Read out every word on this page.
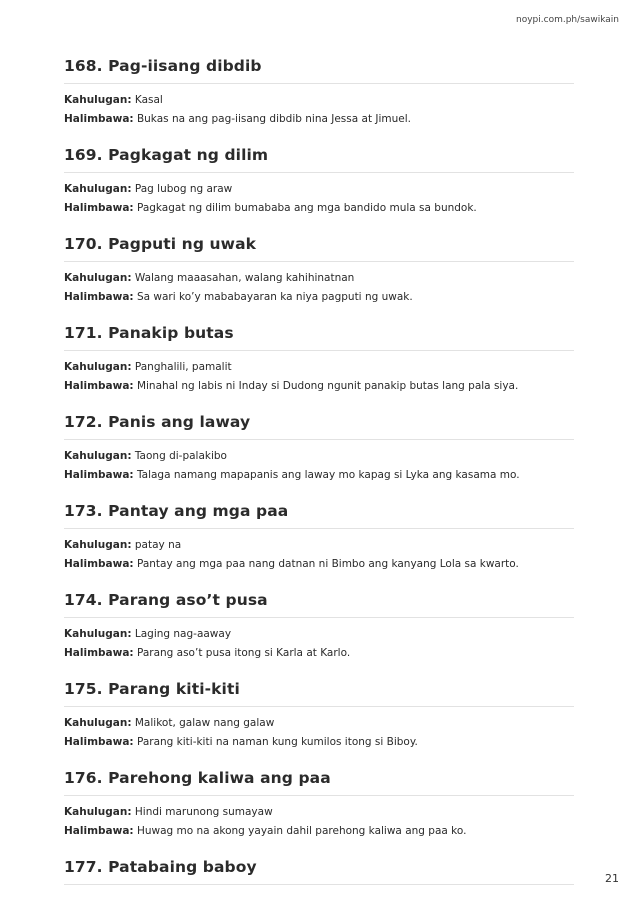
noypi.com.ph/sawikain
168. Pag-iisang dibdib
Kahulugan: Kasal
Halimbawa: Bukas na ang pag-iisang dibdib nina Jessa at Jimuel.
169. Pagkagat ng dilim
Kahulugan: Pag lubog ng araw
Halimbawa: Pagkagat ng dilim bumababa ang mga bandido mula sa bundok.
170. Pagputi ng uwak
Kahulugan: Walang maaasahan, walang kahihinatnan
Halimbawa: Sa wari ko’y mababayaran ka niya pagputi ng uwak.
171. Panakip butas
Kahulugan: Panghalili, pamalit
Halimbawa: Minahal ng labis ni Inday si Dudong ngunit panakip butas lang pala siya.
172. Panis ang laway
Kahulugan: Taong di-palakibo
Halimbawa: Talaga namang mapapanis ang laway mo kapag si Lyka ang kasama mo.
173. Pantay ang mga paa
Kahulugan: patay na
Halimbawa: Pantay ang mga paa nang datnan ni Bimbo ang kanyang Lola sa kwarto.
174. Parang aso’t pusa
Kahulugan: Laging nag-aaway
Halimbawa: Parang aso’t pusa itong si Karla at Karlo.
175. Parang kiti-kiti
Kahulugan: Malikot, galaw nang galaw
Halimbawa: Parang kiti-kiti na naman kung kumilos itong si Biboy.
176. Parehong kaliwa ang paa
Kahulugan: Hindi marunong sumayaw
Halimbawa: Huwag mo na akong yayain dahil parehong kaliwa ang paa ko.
177. Patabaing baboy
21
